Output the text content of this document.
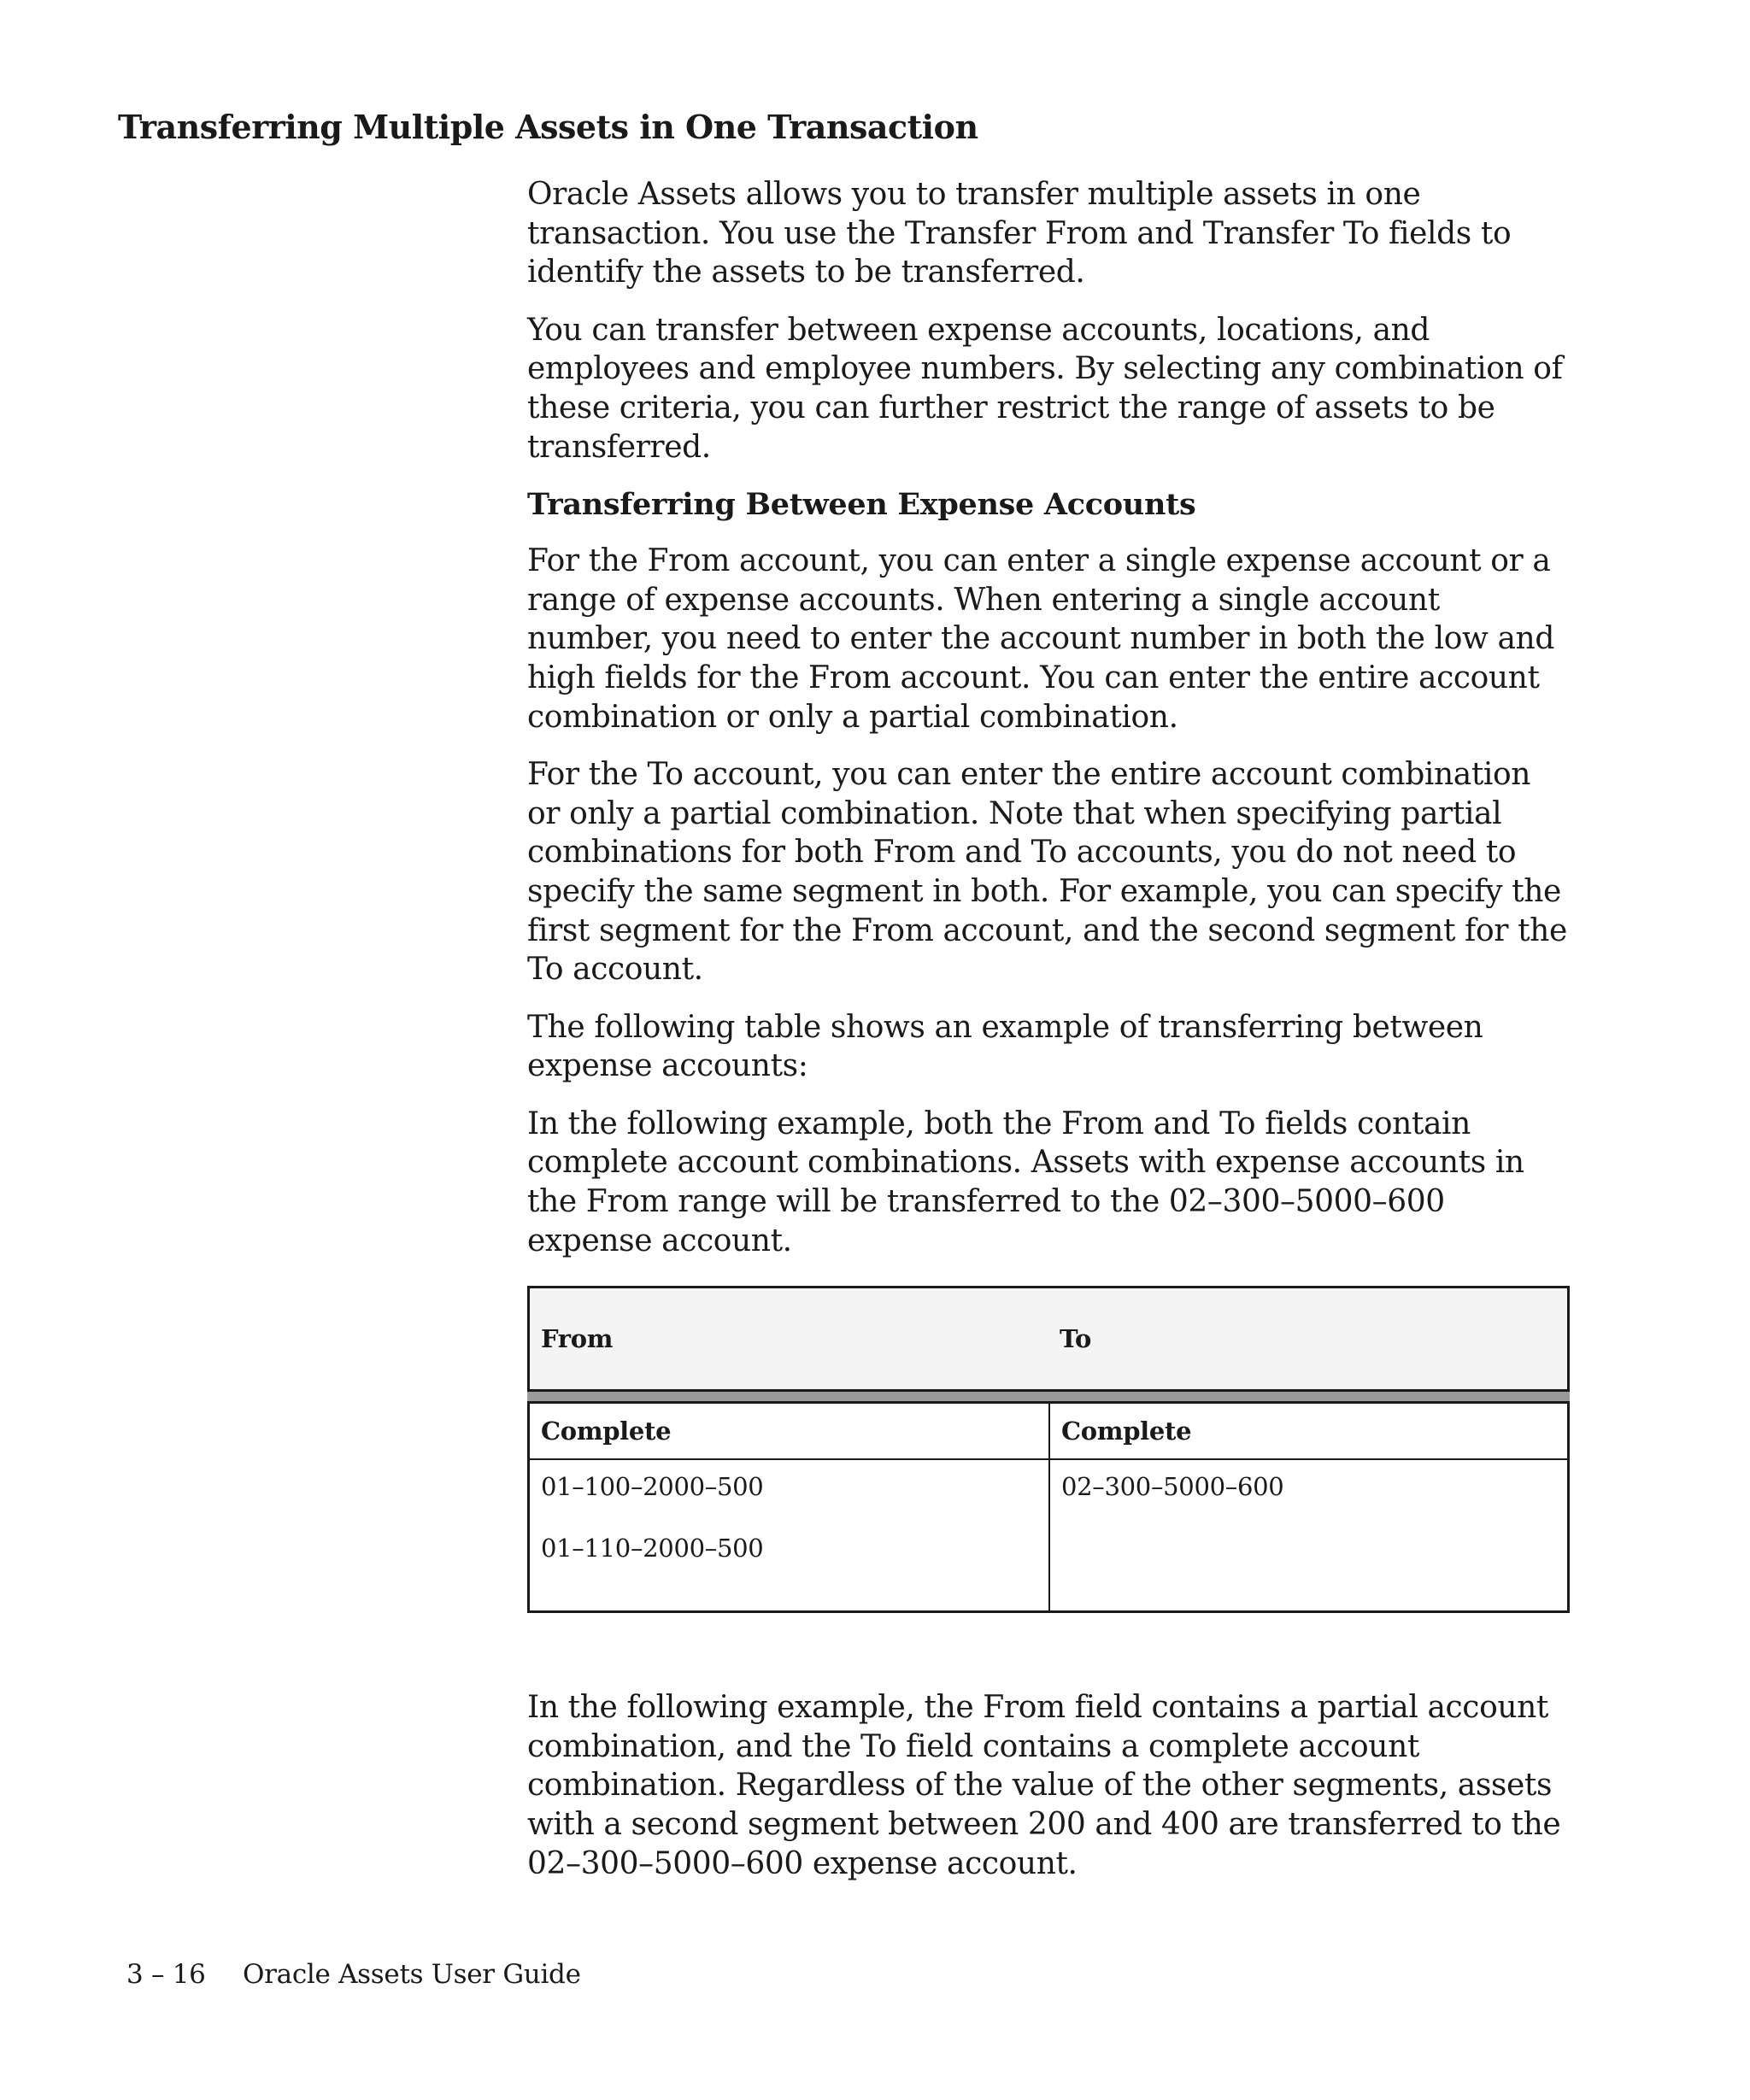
Transferring Multiple Assets in One Transaction

Oracle Assets allows you to transfer multiple assets in one transaction. You use the Transfer From and Transfer To fields to identify the assets to be transferred.

You can transfer between expense accounts, locations, and employees and employee numbers. By selecting any combination of these criteria, you can further restrict the range of assets to be transferred.

Transferring Between Expense Accounts

For the From account, you can enter a single expense account or a range of expense accounts. When entering a single account number, you need to enter the account number in both the low and high fields for the From account. You can enter the entire account combination or only a partial combination.

For the To account, you can enter the entire account combination or only a partial combination. Note that when specifying partial combinations for both From and To accounts, you do not need to specify the same segment in both. For example, you can specify the first segment for the From account, and the second segment for the To account.

The following table shows an example of transferring between expense accounts:

In the following example, both the From and To fields contain complete account combinations. Assets with expense accounts in the From range will be transferred to the 02–300–5000–600 expense account.

From	To
Complete
01–100–2000–500
01–110–2000–500
Complete
02–300–5000–600

In the following example, the From field contains a partial account combination, and the To field contains a complete account combination. Regardless of the value of the other segments, assets with a second segment between 200 and 400 are transferred to the 02–300–5000–600 expense account.

3 – 16 Oracle Assets User Guide
